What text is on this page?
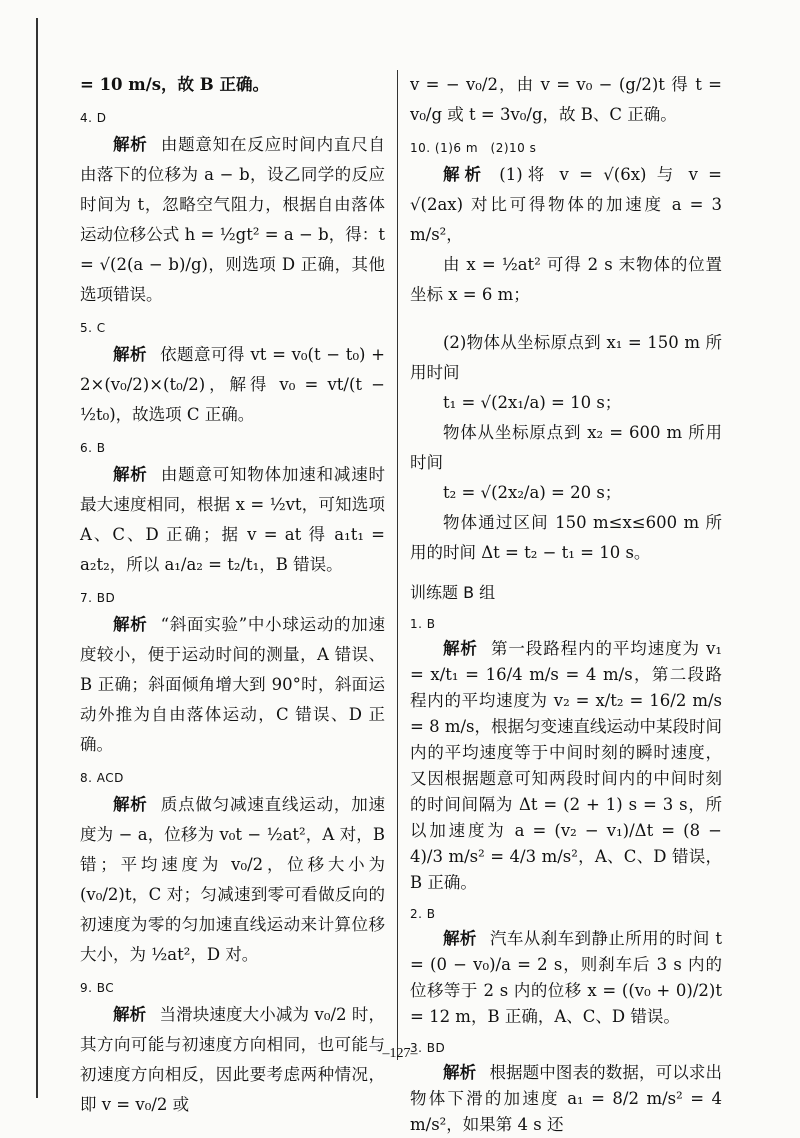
= 10 m/s，故 B 正确。

4. D

解析 由题意知在反应时间内直尺自由落下的位移为 a − b，设乙同学的反应时间为 t，忽略空气阻力，根据自由落体运动位移公式 h = ½gt² = a − b，得：t = √(2(a − b)/g)，则选项 D 正确，其他选项错误。

5. C

解析 依题意可得 vt = v₀(t − t₀) + 2×(v₀/2)×(t₀/2)，解得 v₀ = vt/(t − ½t₀)，故选项 C 正确。

6. B

解析 由题意可知物体加速和减速时最大速度相同，根据 x = ½vt，可知选项 A、C、D 正确；据 v = at 得 a₁t₁ = a₂t₂，所以 a₁/a₂ = t₂/t₁，B 错误。

7. BD

解析 “斜面实验”中小球运动的加速度较小，便于运动时间的测量，A 错误、B 正确；斜面倾角增大到 90°时，斜面运动外推为自由落体运动，C 错误、D 正确。

8. ACD

解析 质点做匀减速直线运动，加速度为 − a，位移为 v₀t − ½at²，A 对，B 错；平均速度为 v₀/2，位移大小为 (v₀/2)t，C 对；匀减速到零可看做反向的初速度为零的匀加速直线运动来计算位移大小，为 ½at²，D 对。

9. BC

解析 当滑块速度大小减为 v₀/2 时，其方向可能与初速度方向相同，也可能与初速度方向相反，因此要考虑两种情况，即 v = v₀/2 或

v = − v₀/2，由 v = v₀ − (g/2)t 得 t = v₀/g 或 t = 3v₀/g，故 B、C 正确。

10. (1)6 m　(2)10 s

解析 (1)将 v = √(6x) 与 v = √(2ax) 对比可得物体的加速度 a = 3 m/s²，

由 x = ½at² 可得 2 s 末物体的位置坐标 x = 6 m；

(2)物体从坐标原点到 x₁ = 150 m 所用时间

t₁ = √(2x₁/a) = 10 s；

物体从坐标原点到 x₂ = 600 m 所用时间

t₂ = √(2x₂/a) = 20 s；

物体通过区间 150 m≤x≤600 m 所用的时间 Δt = t₂ − t₁ = 10 s。

训练题 B 组
1. B

解析 第一段路程内的平均速度为 v₁ = x/t₁ = 16/4 m/s = 4 m/s，第二段路程内的平均速度为 v₂ = x/t₂ = 16/2 m/s = 8 m/s，根据匀变速直线运动中某段时间内的平均速度等于中间时刻的瞬时速度，又因根据题意可知两段时间内的中间时刻的时间间隔为 Δt = (2 + 1) s = 3 s，所以加速度为 a = (v₂ − v₁)/Δt = (8 − 4)/3 m/s² = 4/3 m/s²，A、C、D 错误，B 正确。

2. B

解析 汽车从刹车到静止所用的时间 t = (0 − v₀)/a = 2 s，则刹车后 3 s 内的位移等于 2 s 内的位移 x = ((v₀ + 0)/2)t = 12 m，B 正确，A、C、D 错误。

3. BD

解析 根据题中图表的数据，可以求出物体下滑的加速度 a₁ = 8/2 m/s² = 4 m/s²，如果第 4 s 还

–127–
